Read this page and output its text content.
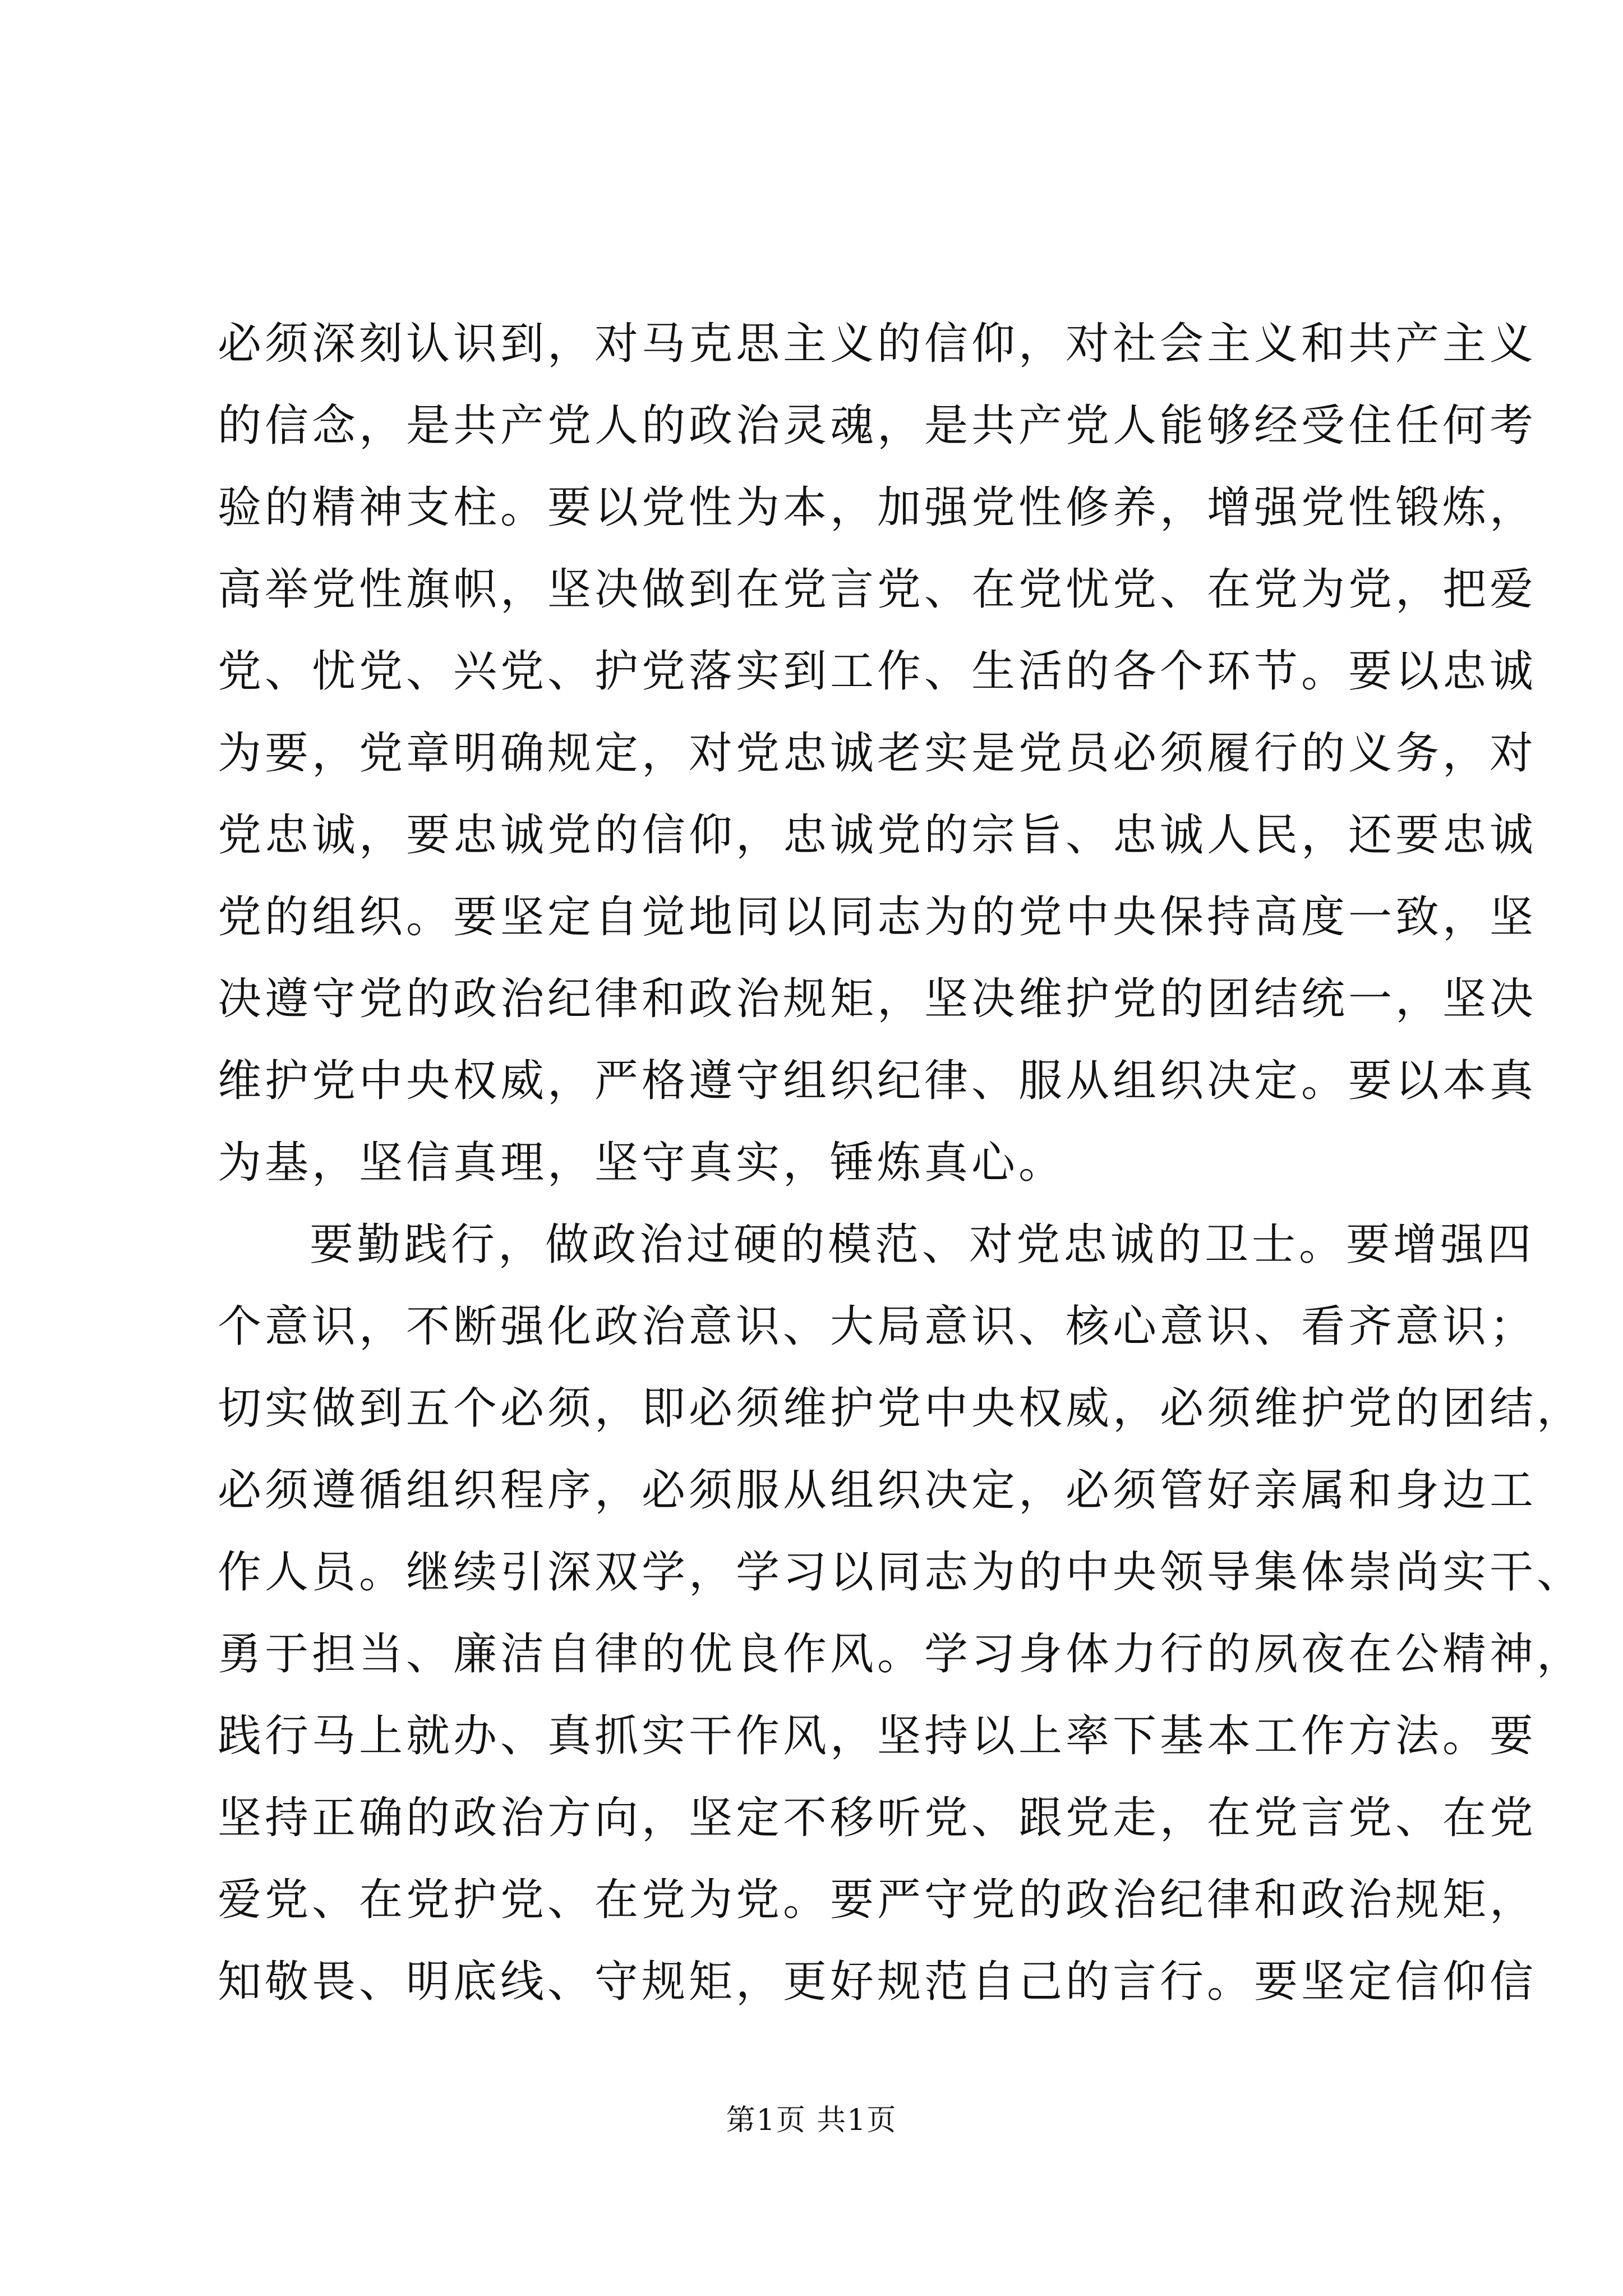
必须深刻认识到，对马克思主义的信仰，对社会主义和共产主义
的信念，是共产党人的政治灵魂，是共产党人能够经受住任何考
验的精神支柱。要以党性为本，加强党性修养，增强党性锻炼，
高举党性旗帜，坚决做到在党言党、在党忧党、在党为党，把爱
党、忧党、兴党、护党落实到工作、生活的各个环节。要以忠诚
为要，党章明确规定，对党忠诚老实是党员必须履行的义务，对
党忠诚，要忠诚党的信仰，忠诚党的宗旨、忠诚人民，还要忠诚
党的组织。要坚定自觉地同以同志为的党中央保持高度一致，坚
决遵守党的政治纪律和政治规矩，坚决维护党的团结统一，坚决
维护党中央权威，严格遵守组织纪律、服从组织决定。要以本真
为基，坚信真理，坚守真实，锤炼真心。
要勤践行，做政治过硬的模范、对党忠诚的卫士。要增强四
个意识，不断强化政治意识、大局意识、核心意识、看齐意识；
切实做到五个必须，即必须维护党中央权威，必须维护党的团结，
必须遵循组织程序，必须服从组织决定，必须管好亲属和身边工
作人员。继续引深双学，学习以同志为的中央领导集体崇尚实干、
勇于担当、廉洁自律的优良作风。学习身体力行的夙夜在公精神，
践行马上就办、真抓实干作风，坚持以上率下基本工作方法。要
坚持正确的政治方向，坚定不移听党、跟党走，在党言党、在党
爱党、在党护党、在党为党。要严守党的政治纪律和政治规矩，
知敬畏、明底线、守规矩，更好规范自己的言行。要坚定信仰信
第1页 共1页
